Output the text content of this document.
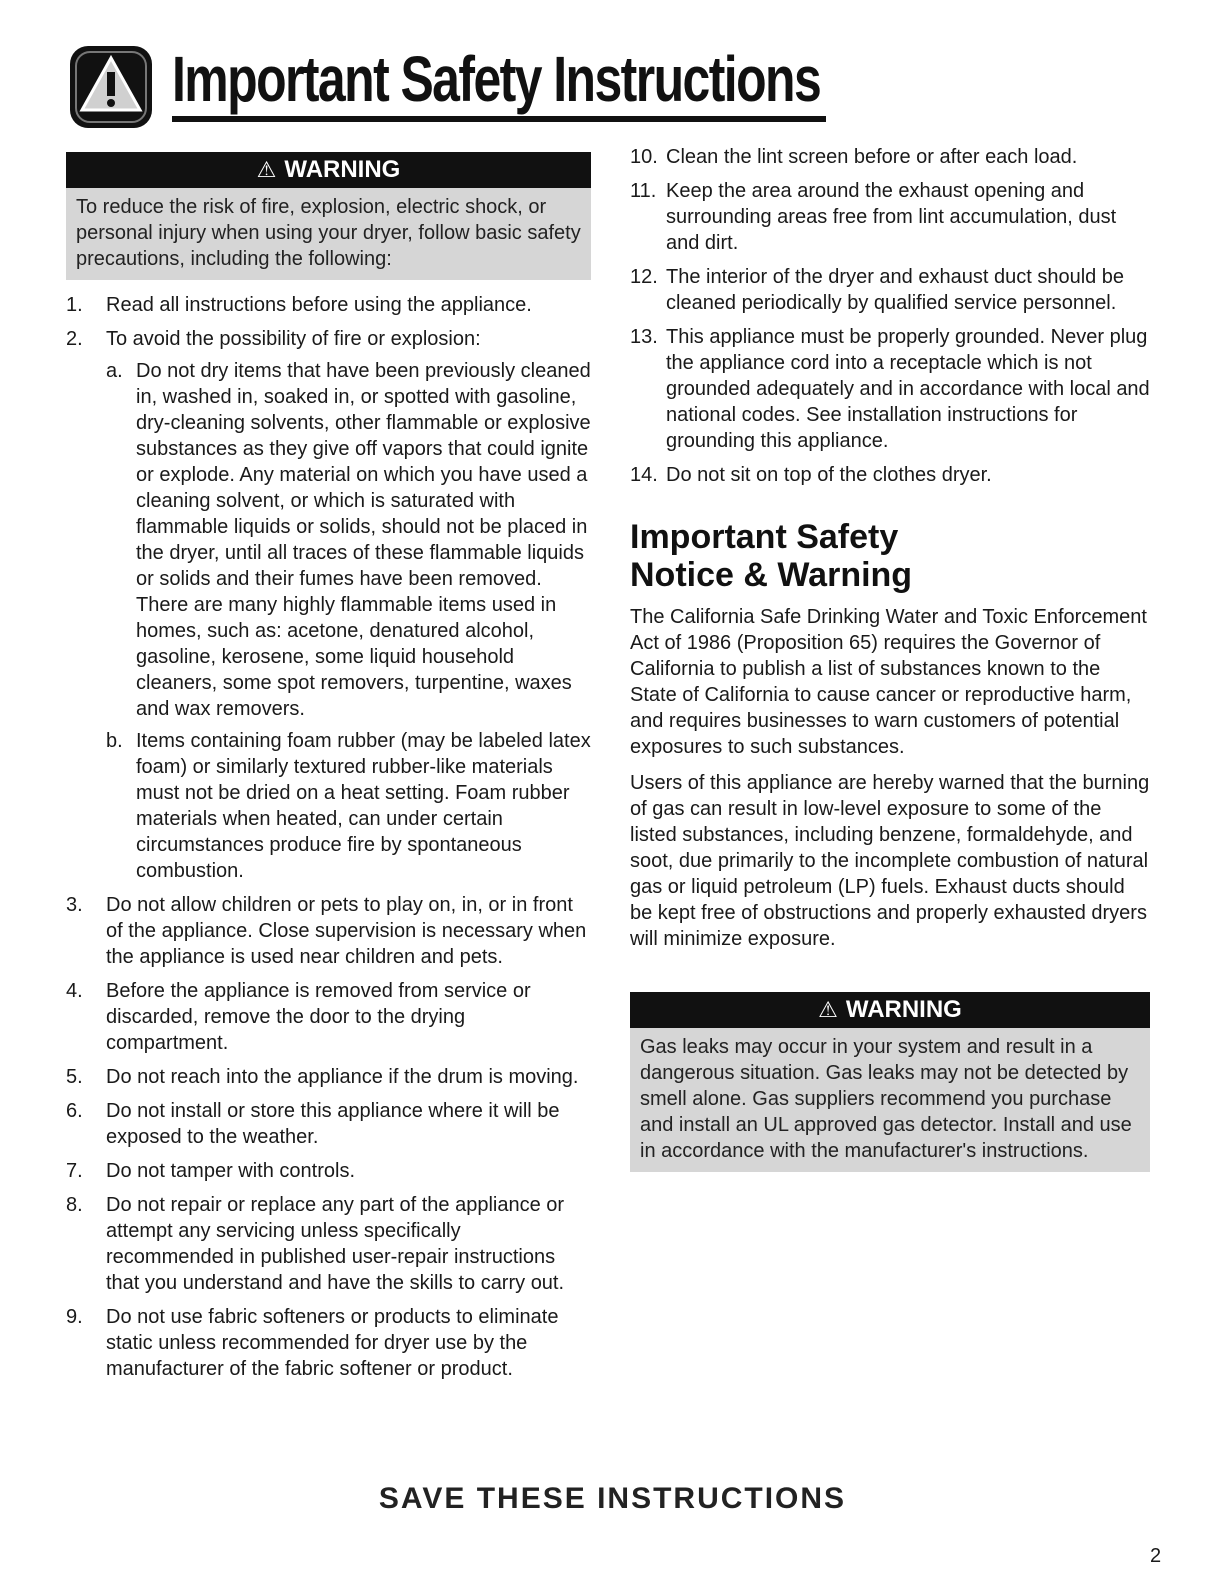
Important Safety Instructions
⚠ WARNING
To reduce the risk of fire, explosion, electric shock, or personal injury when using your dryer, follow basic safety precautions, including the following:
1.	Read all instructions before using the appliance.
2.	To avoid the possibility of fire or explosion:
a. Do not dry items that have been previously cleaned in, washed in, soaked in, or spotted with gasoline, dry-cleaning solvents, other flammable or explosive substances as they give off vapors that could ignite or explode. Any material on which you have used a cleaning solvent, or which is saturated with flammable liquids or solids, should not be placed in the dryer, until all traces of these flammable liquids or solids and their fumes have been removed. There are many highly flammable items used in homes, such as: acetone, denatured alcohol, gasoline, kerosene, some liquid household cleaners, some spot removers, turpentine, waxes and wax removers.
b. Items containing foam rubber (may be labeled latex foam) or similarly textured rubber-like materials must not be dried on a heat setting. Foam rubber materials when heated, can under certain circumstances produce fire by spontaneous combustion.
3.	Do not allow children or pets to play on, in, or in front of the appliance. Close supervision is necessary when the appliance is used near children and pets.
4.	Before the appliance is removed from service or discarded, remove the door to the drying compartment.
5.	Do not reach into the appliance if the drum is moving.
6.	Do not install or store this appliance where it will be exposed to the weather.
7.	Do not tamper with controls.
8.	Do not repair or replace any part of the appliance or attempt any servicing unless specifically recommended in published user-repair instructions that you understand and have the skills to carry out.
9.	Do not use fabric softeners or products to eliminate static unless recommended for dryer use by the manufacturer of the fabric softener or product.
10. Clean the lint screen before or after each load.
11. Keep the area around the exhaust opening and surrounding areas free from lint accumulation, dust and dirt.
12. The interior of the dryer and exhaust duct should be cleaned periodically by qualified service personnel.
13. This appliance must be properly grounded. Never plug the appliance cord into a receptacle which is not grounded adequately and in accordance with local and national codes. See installation instructions for grounding this appliance.
14. Do not sit on top of the clothes dryer.
Important Safety
Notice & Warning

The California Safe Drinking Water and Toxic Enforcement Act of 1986 (Proposition 65) requires the Governor of California to publish a list of substances known to the State of California to cause cancer or reproductive harm, and requires businesses to warn customers of potential exposures to such substances.

Users of this appliance are hereby warned that the burning of gas can result in low-level exposure to some of the listed substances, including benzene, formaldehyde, and soot, due primarily to the incomplete combustion of natural gas or liquid petroleum (LP) fuels. Exhaust ducts should be kept free of obstructions and properly exhausted dryers will minimize exposure.

⚠ WARNING
Gas leaks may occur in your system and result in a dangerous situation. Gas leaks may not be detected by smell alone. Gas suppliers recommend you purchase and install an UL approved gas detector. Install and use in accordance with the manufacturer's instructions.
SAVE THESE INSTRUCTIONS
2
